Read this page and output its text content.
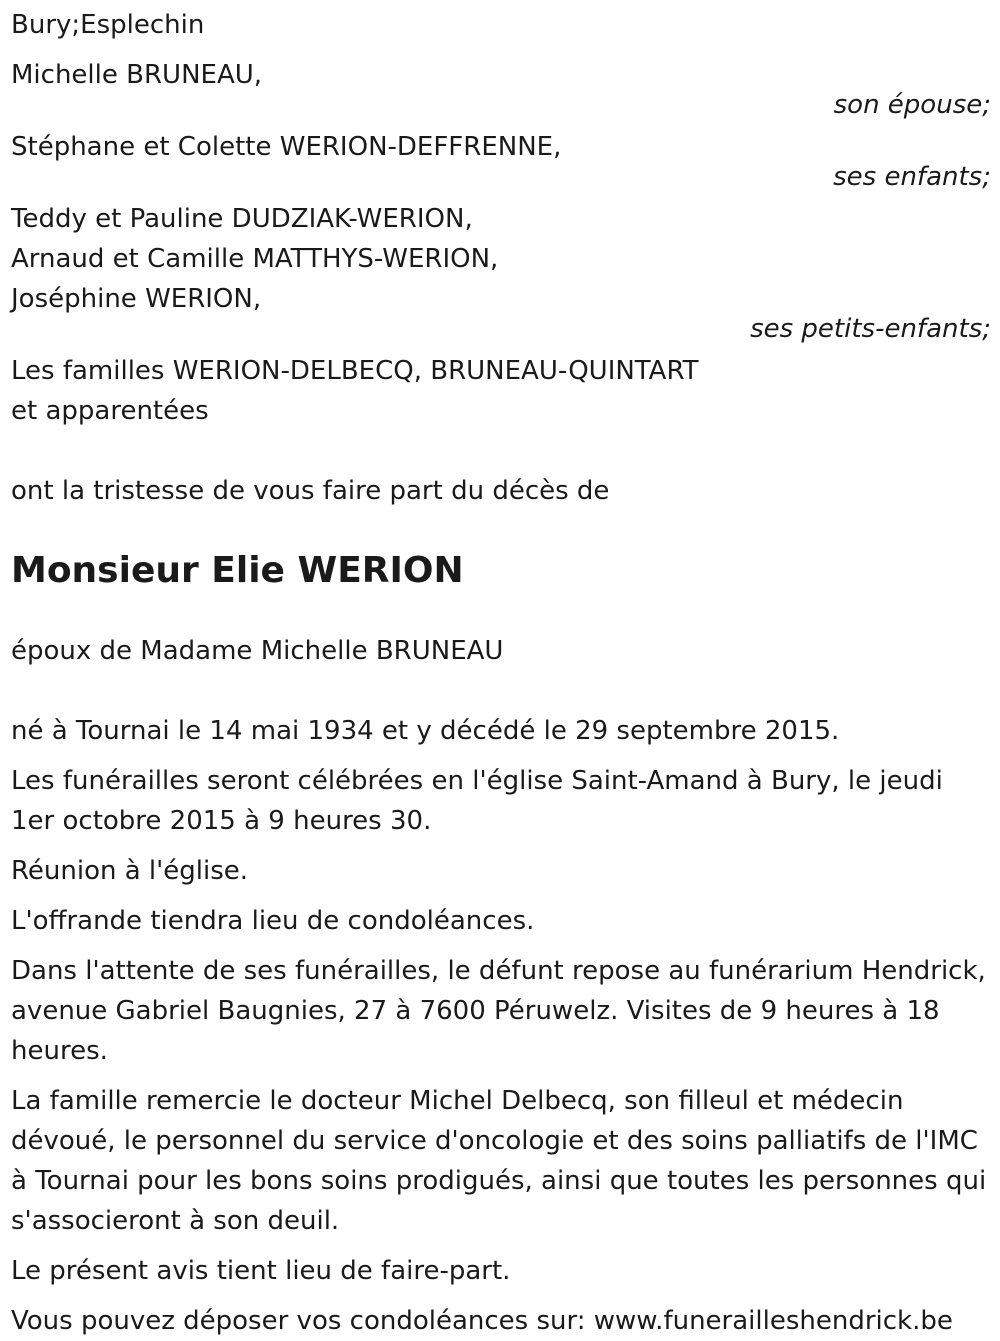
Bury;Esplechin
Michelle BRUNEAU,
son épouse;
Stéphane et Colette WERION-DEFFRENNE,
ses enfants;
Teddy et Pauline DUDZIAK-WERION,
Arnaud et Camille MATTHYS-WERION,
Joséphine WERION,
ses petits-enfants;
Les familles WERION-DELBECQ, BRUNEAU-QUINTART
et apparentées
ont la tristesse de vous faire part du décès de
Monsieur Elie WERION
époux de Madame Michelle BRUNEAU
né à Tournai le 14 mai 1934 et y décédé le 29 septembre 2015.
Les funérailles seront célébrées en l'église Saint-Amand à Bury, le jeudi 1er octobre 2015 à 9 heures 30.
Réunion à l'église.
L'offrande tiendra lieu de condoléances.
Dans l'attente de ses funérailles, le défunt repose au funérarium Hendrick, avenue Gabriel Baugnies, 27 à 7600 Péruwelz. Visites de 9 heures à 18 heures.
La famille remercie le docteur Michel Delbecq, son filleul et médecin dévoué, le personnel du service d'oncologie et des soins palliatifs de l'IMC à Tournai pour les bons soins prodigués, ainsi que toutes les personnes qui s'associeront à son deuil.
Le présent avis tient lieu de faire-part.
Vous pouvez déposer vos condoléances sur: www.funerailleshendrick.be
